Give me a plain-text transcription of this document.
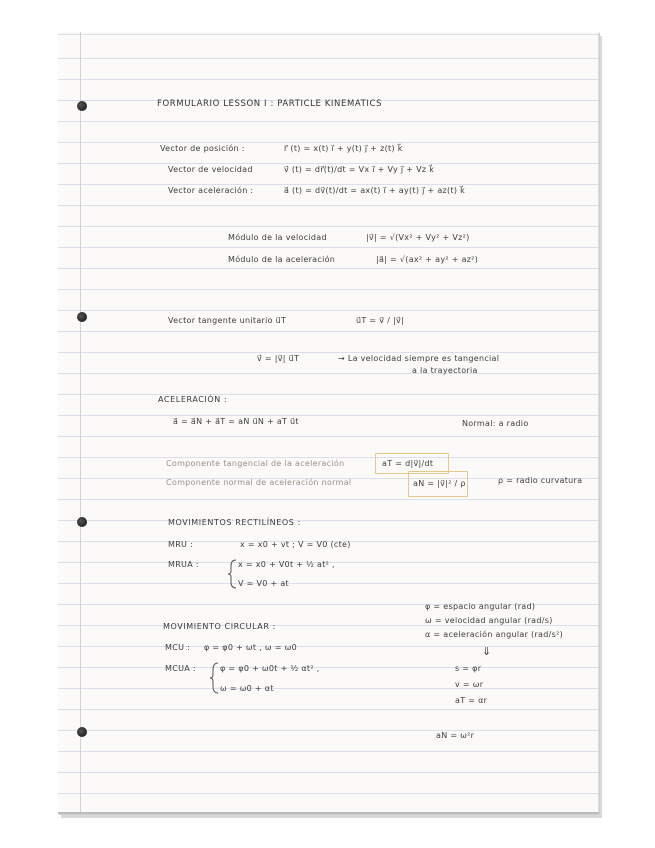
FORMULARIO LESSON I : PARTICLE KINEMATICS
Vector de posición :	r⃗ (t) = x(t) i⃗ + y(t) j⃗ + z(t) k⃗
Vector de velocidad	v⃗ (t) = dr⃗(t)/dt = Vx i⃗ + Vy j⃗ + Vz k⃗
Vector aceleración :	a⃗ (t) = dv⃗(t)/dt = ax(t) i⃗ + ay(t) j⃗ + az(t) k⃗
Módulo de la velocidad	|v⃗| = √(Vx² + Vy² + Vz²)
Módulo de la aceleración	|a⃗| = √(ax² + ay² + az²)
Vector tangente unitario u⃗T	u⃗T = v⃗ / |v⃗|
v⃗ = |v⃗| u⃗T	→ La velocidad siempre es tangencial
a la trayectoria
ACELERACIÓN :
a⃗ = a⃗N + a⃗T = aN u⃗N + aT u⃗t	Normal: a radio
Componente tangencial de la aceleración	aT = d|v⃗|/dt
Componente normal de aceleración normal	aN = |v⃗|² / ρ	ρ = radio curvatura
MOVIMIENTOS RECTILÍNEOS :
MRU :	x = x0 + vt ; V = V0 (cte)
MRUA :	x = x0 + V0t + ½ at² ,
V = V0 + at
MOVIMIENTO CIRCULAR :
MCU : φ = φ0 + ωt , ω = ω0
MCUA :	φ = φ0 + ω0t + ½ αt² ,
ω = ω0 + αt
φ = espacio angular (rad)
ω = velocidad angular (rad/s)
α = aceleración angular (rad/s²)
⇓
s = φr
v = ωr
aT = αr
aN = ω²r
